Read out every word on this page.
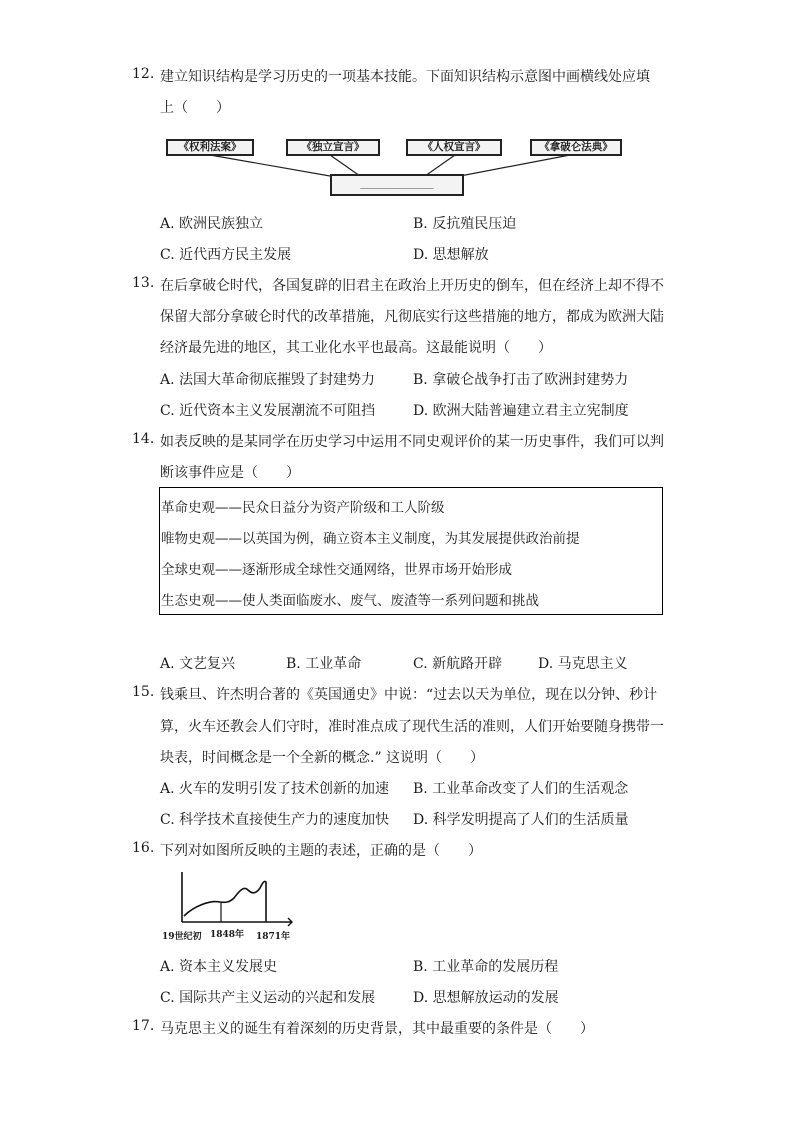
12. 建立知识结构是学习历史的一项基本技能。下面知识结构示意图中画横线处应填
上（　　）
《权利法案》	《独立宣言》	《人权宣言》	《拿破仑法典》
＿＿＿＿＿＿＿
A. 欧洲民族独立	B. 反抗殖民压迫
C. 近代西方民主发展	D. 思想解放
13. 在后拿破仑时代，各国复辟的旧君主在政治上开历史的倒车，但在经济上却不得不
保留大部分拿破仑时代的改革措施，凡彻底实行这些措施的地方，都成为欧洲大陆
经济最先进的地区，其工业化水平也最高。这最能说明（　　）
A. 法国大革命彻底摧毁了封建势力	B. 拿破仑战争打击了欧洲封建势力
C. 近代资本主义发展潮流不可阻挡	D. 欧洲大陆普遍建立君主立宪制度
14. 如表反映的是某同学在历史学习中运用不同史观评价的某一历史事件，我们可以判
断该事件应是（　　）
革命史观——民众日益分为资产阶级和工人阶级
唯物史观——以英国为例，确立资本主义制度，为其发展提供政治前提
全球史观——逐渐形成全球性交通网络，世界市场开始形成
生态史观——使人类面临废水、废气、废渣等一系列问题和挑战
A. 文艺复兴	B. 工业革命	C. 新航路开辟	D. 马克思主义
15. 钱乘旦、许杰明合著的《英国通史》中说：“过去以天为单位，现在以分钟、秒计
算，火车还教会人们守时，准时准点成了现代生活的准则，人们开始要随身携带一
块表，时间概念是一个全新的概念.” 这说明（　　）
A. 火车的发明引发了技术创新的加速 B. 工业革命改变了人们的生活观念
C. 科学技术直接使生产力的速度加快 D. 科学发明提高了人们的生活质量
16. 下列对如图所反映的主题的表述，正确的是（　　）
19世纪初 1848年 1871年
A. 资本主义发展史	B. 工业革命的发展历程
C. 国际共产主义运动的兴起和发展	D. 思想解放运动的发展
17. 马克思主义的诞生有着深刻的历史背景，其中最重要的条件是（　　）
